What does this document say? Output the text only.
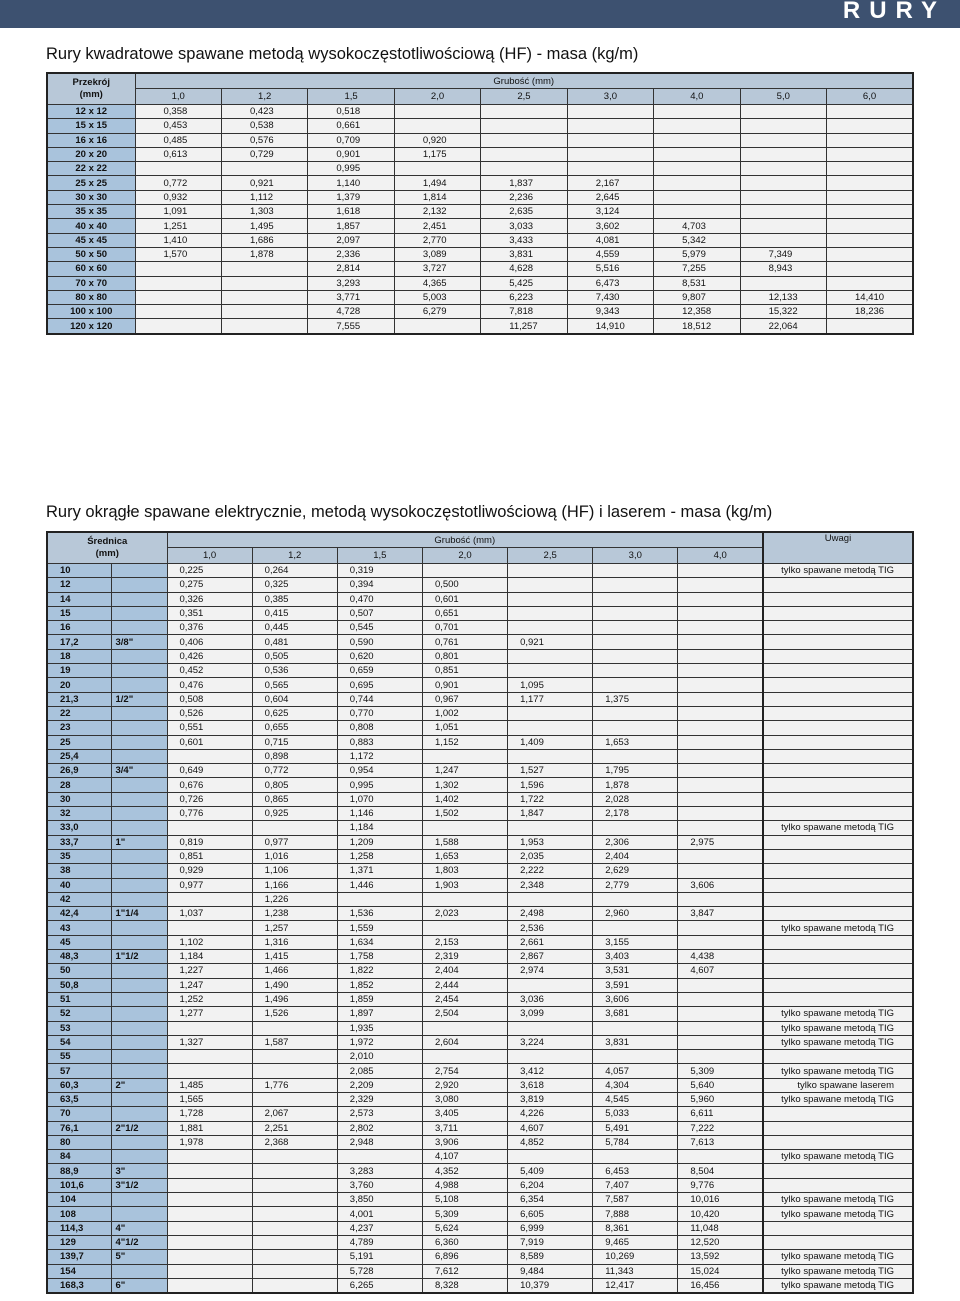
RURY
Rury kwadratowe spawane metodą wysokoczęstotliwościową (HF) - masa (kg/m)
Przekrój
(mm)	Grubość (mm)								
	1,0	1,2	1,5	2,0	2,5	3,0	4,0	5,0	6,0
12 x 12	0,358	0,423	0,518						
15 x 15	0,453	0,538	0,661						
16 x 16	0,485	0,576	0,709	0,920					
20 x 20	0,613	0,729	0,901	1,175					
22 x 22			0,995						
25 x 25	0,772	0,921	1,140	1,494	1,837	2,167			
30 x 30	0,932	1,112	1,379	1,814	2,236	2,645			
35 x 35	1,091	1,303	1,618	2,132	2,635	3,124			
40 x 40	1,251	1,495	1,857	2,451	3,033	3,602	4,703		
45 x 45	1,410	1,686	2,097	2,770	3,433	4,081	5,342		
50 x 50	1,570	1,878	2,336	3,089	3,831	4,559	5,979	7,349	
60 x 60			2,814	3,727	4,628	5,516	7,255	8,943	
70 x 70			3,293	4,365	5,425	6,473	8,531		
80 x 80			3,771	5,003	6,223	7,430	9,807	12,133	14,410
100 x 100			4,728	6,279	7,818	9,343	12,358	15,322	18,236
120 x 120			7,555		11,257	14,910	18,512	22,064	
Rury okrągłe spawane elektrycznie, metodą wysokoczęstotliwościową (HF) i laserem - masa (kg/m)
Średnica
(mm)		Grubość (mm)							Uwagi
		1,0	1,2	1,5	2,0	2,5	3,0	4,0	
10		0,225	0,264	0,319					tylko spawane metodą TIG
12		0,275	0,325	0,394	0,500				
14		0,326	0,385	0,470	0,601				
15		0,351	0,415	0,507	0,651				
16		0,376	0,445	0,545	0,701				
17,2	3/8"	0,406	0,481	0,590	0,761	0,921			
18		0,426	0,505	0,620	0,801				
19		0,452	0,536	0,659	0,851				
20		0,476	0,565	0,695	0,901	1,095			
21,3	1/2"	0,508	0,604	0,744	0,967	1,177	1,375		
22		0,526	0,625	0,770	1,002				
23		0,551	0,655	0,808	1,051				
25		0,601	0,715	0,883	1,152	1,409	1,653		
25,4			0,898	1,172					
26,9	3/4"	0,649	0,772	0,954	1,247	1,527	1,795		
28		0,676	0,805	0,995	1,302	1,596	1,878		
30		0,726	0,865	1,070	1,402	1,722	2,028		
32		0,776	0,925	1,146	1,502	1,847	2,178		
33,0				1,184					tylko spawane metodą TIG
33,7	1"	0,819	0,977	1,209	1,588	1,953	2,306	2,975	
35		0,851	1,016	1,258	1,653	2,035	2,404		
38		0,929	1,106	1,371	1,803	2,222	2,629		
40		0,977	1,166	1,446	1,903	2,348	2,779	3,606	
42			1,226						
42,4	1"1/4	1,037	1,238	1,536	2,023	2,498	2,960	3,847	
43			1,257	1,559		2,536			tylko spawane metodą TIG
45		1,102	1,316	1,634	2,153	2,661	3,155		
48,3	1"1/2	1,184	1,415	1,758	2,319	2,867	3,403	4,438	
50		1,227	1,466	1,822	2,404	2,974	3,531	4,607	
50,8		1,247	1,490	1,852	2,444		3,591		
51		1,252	1,496	1,859	2,454	3,036	3,606		
52		1,277	1,526	1,897	2,504	3,099	3,681		tylko spawane metodą TIG
53				1,935					tylko spawane metodą TIG
54		1,327	1,587	1,972	2,604	3,224	3,831		tylko spawane metodą TIG
55				2,010					
57				2,085	2,754	3,412	4,057	5,309	tylko spawane metodą TIG
60,3	2"	1,485	1,776	2,209	2,920	3,618	4,304	5,640	tylko spawane laserem
63,5		1,565		2,329	3,080	3,819	4,545	5,960	tylko spawane metodą TIG
70		1,728	2,067	2,573	3,405	4,226	5,033	6,611	
76,1	2"1/2	1,881	2,251	2,802	3,711	4,607	5,491	7,222	
80		1,978	2,368	2,948	3,906	4,852	5,784	7,613	
84					4,107				tylko spawane metodą TIG
88,9	3"			3,283	4,352	5,409	6,453	8,504	
101,6	3"1/2			3,760	4,988	6,204	7,407	9,776	
104				3,850	5,108	6,354	7,587	10,016	tylko spawane metodą TIG
108				4,001	5,309	6,605	7,888	10,420	tylko spawane metodą TIG
114,3	4"			4,237	5,624	6,999	8,361	11,048	
129	4"1/2			4,789	6,360	7,919	9,465	12,520	
139,7	5"			5,191	6,896	8,589	10,269	13,592	tylko spawane metodą TIG
154				5,728	7,612	9,484	11,343	15,024	tylko spawane metodą TIG
168,3	6"			6,265	8,328	10,379	12,417	16,456	tylko spawane metodą TIG
